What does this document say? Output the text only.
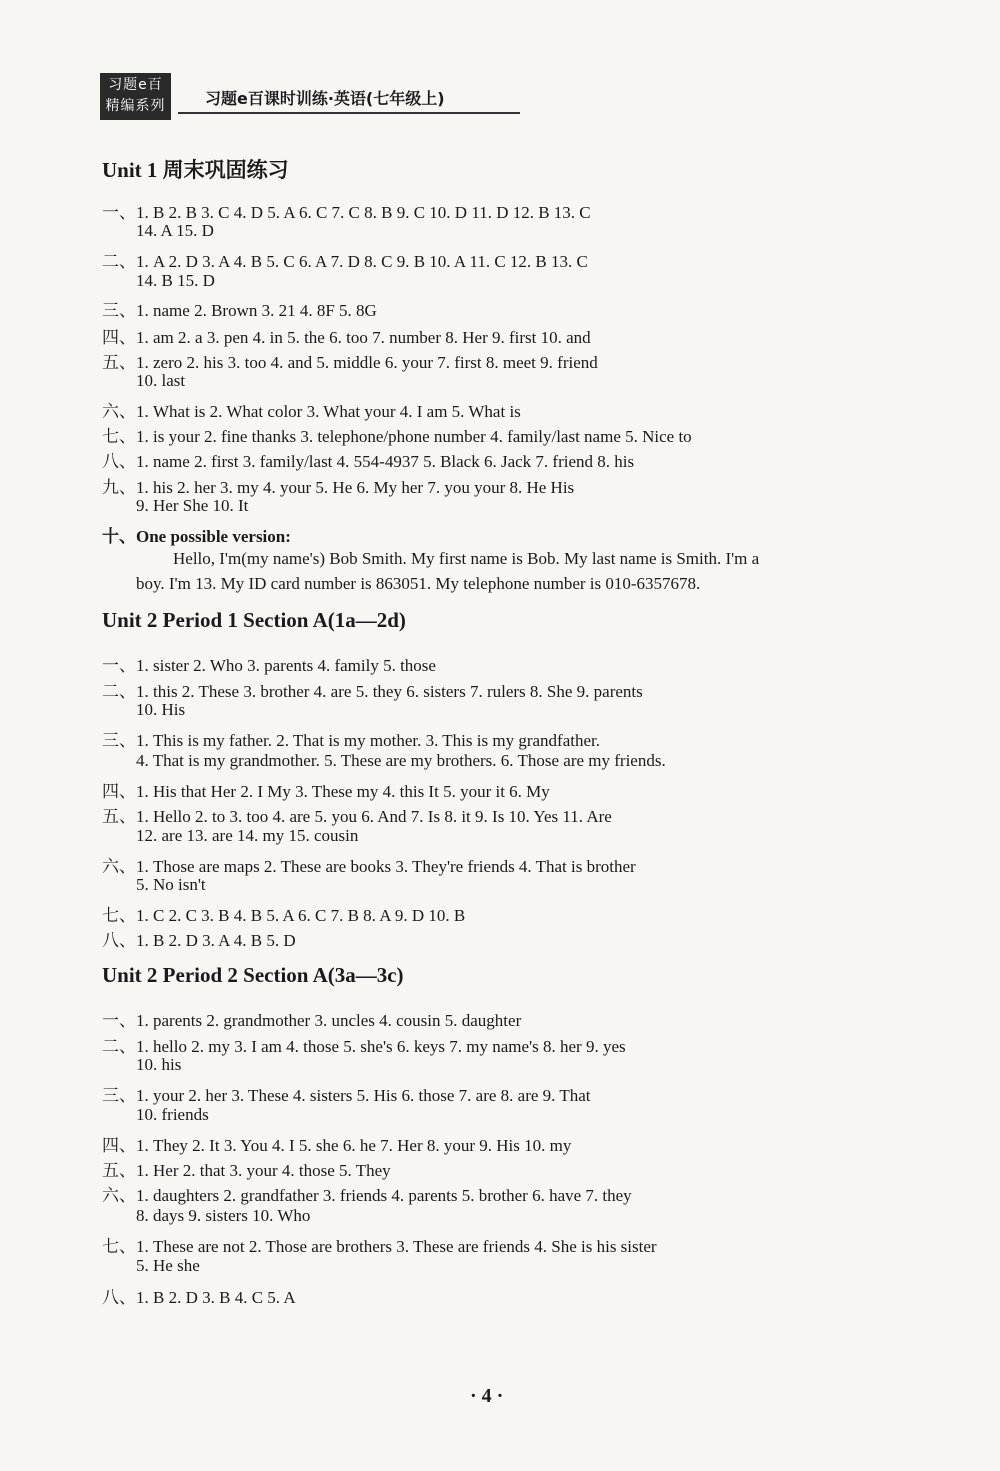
习题e百
精编系列	习题e百课时训练·英语(七年级上)
Unit 1 周末巩固练习
一、1. B 2. B 3. C 4. D 5. A 6. C 7. C 8. B 9. C 10. D 11. D 12. B 13. C
14. A 15. D
二、1. A 2. D 3. A 4. B 5. C 6. A 7. D 8. C 9. B 10. A 11. C 12. B 13. C
14. B 15. D
三、1. name 2. Brown 3. 21 4. 8F 5. 8G
四、1. am 2. a 3. pen 4. in 5. the 6. too 7. number 8. Her 9. first 10. and
五、1. zero 2. his 3. too 4. and 5. middle 6. your 7. first 8. meet 9. friend
10. last
六、1. What is 2. What color 3. What your 4. I am 5. What is
七、1. is your 2. fine thanks 3. telephone/phone number 4. family/last name 5. Nice to
八、1. name 2. first 3. family/last 4. 554-4937 5. Black 6. Jack 7. friend 8. his
九、1. his 2. her 3. my 4. your 5. He 6. My her 7. you your 8. He His
9. Her She 10. It
十、One possible version:
Hello, I'm(my name's) Bob Smith. My first name is Bob. My last name is Smith. I'm a
boy. I'm 13. My ID card number is 863051. My telephone number is 010-6357678.
Unit 2 Period 1 Section A(1a—2d)
一、1. sister 2. Who 3. parents 4. family 5. those
二、1. this 2. These 3. brother 4. are 5. they 6. sisters 7. rulers 8. She 9. parents
10. His
三、1. This is my father. 2. That is my mother. 3. This is my grandfather.
4. That is my grandmother. 5. These are my brothers. 6. Those are my friends.
四、1. His that Her 2. I My 3. These my 4. this It 5. your it 6. My
五、1. Hello 2. to 3. too 4. are 5. you 6. And 7. Is 8. it 9. Is 10. Yes 11. Are
12. are 13. are 14. my 15. cousin
六、1. Those are maps 2. These are books 3. They're friends 4. That is brother
5. No isn't
七、1. C 2. C 3. B 4. B 5. A 6. C 7. B 8. A 9. D 10. B
八、1. B 2. D 3. A 4. B 5. D
Unit 2 Period 2 Section A(3a—3c)
一、1. parents 2. grandmother 3. uncles 4. cousin 5. daughter
二、1. hello 2. my 3. I am 4. those 5. she's 6. keys 7. my name's 8. her 9. yes
10. his
三、1. your 2. her 3. These 4. sisters 5. His 6. those 7. are 8. are 9. That
10. friends
四、1. They 2. It 3. You 4. I 5. she 6. he 7. Her 8. your 9. His 10. my
五、1. Her 2. that 3. your 4. those 5. They
六、1. daughters 2. grandfather 3. friends 4. parents 5. brother 6. have 7. they
8. days 9. sisters 10. Who
七、1. These are not 2. Those are brothers 3. These are friends 4. She is his sister
5. He she
八、1. B 2. D 3. B 4. C 5. A
· 4 ·
